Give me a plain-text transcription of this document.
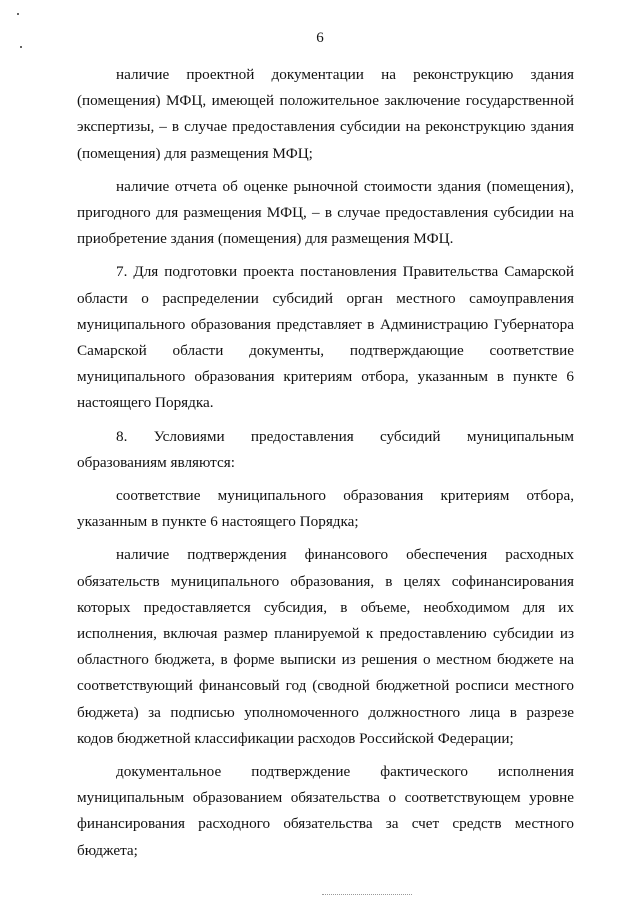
6

наличие проектной документации на реконструкцию здания (помещения) МФЦ, имеющей положительное заключение государственной экспертизы, – в случае предоставления субсидии на реконструкцию здания (помещения) для размещения МФЦ;

наличие отчета об оценке рыночной стоимости здания (помещения), пригодного для размещения МФЦ, – в случае предоставления субсидии на приобретение здания (помещения) для размещения МФЦ.

7. Для подготовки проекта постановления Правительства Самарской области о распределении субсидий орган местного самоуправления муниципального образования представляет в Администрацию Губернатора Самарской области документы, подтверждающие соответствие муниципального образования критериям отбора, указанным в пункте 6 настоящего Порядка.

8. Условиями предоставления субсидий муниципальным образованиям являются:

соответствие муниципального образования критериям отбора, указанным в пункте 6 настоящего Порядка;

наличие подтверждения финансового обеспечения расходных обязательств муниципального образования, в целях софинансирования которых предоставляется субсидия, в объеме, необходимом для их исполнения, включая размер планируемой к предоставлению субсидии из областного бюджета, в форме выписки из решения о местном бюджете на соответствующий финансовый год (сводной бюджетной росписи местного бюджета) за подписью уполномоченного должностного лица в разрезе кодов бюджетной классификации расходов Российской Федерации;

документальное подтверждение фактического исполнения муниципальным образованием обязательства о соответствующем уровне финансирования расходного обязательства за счет средств местного бюджета;
